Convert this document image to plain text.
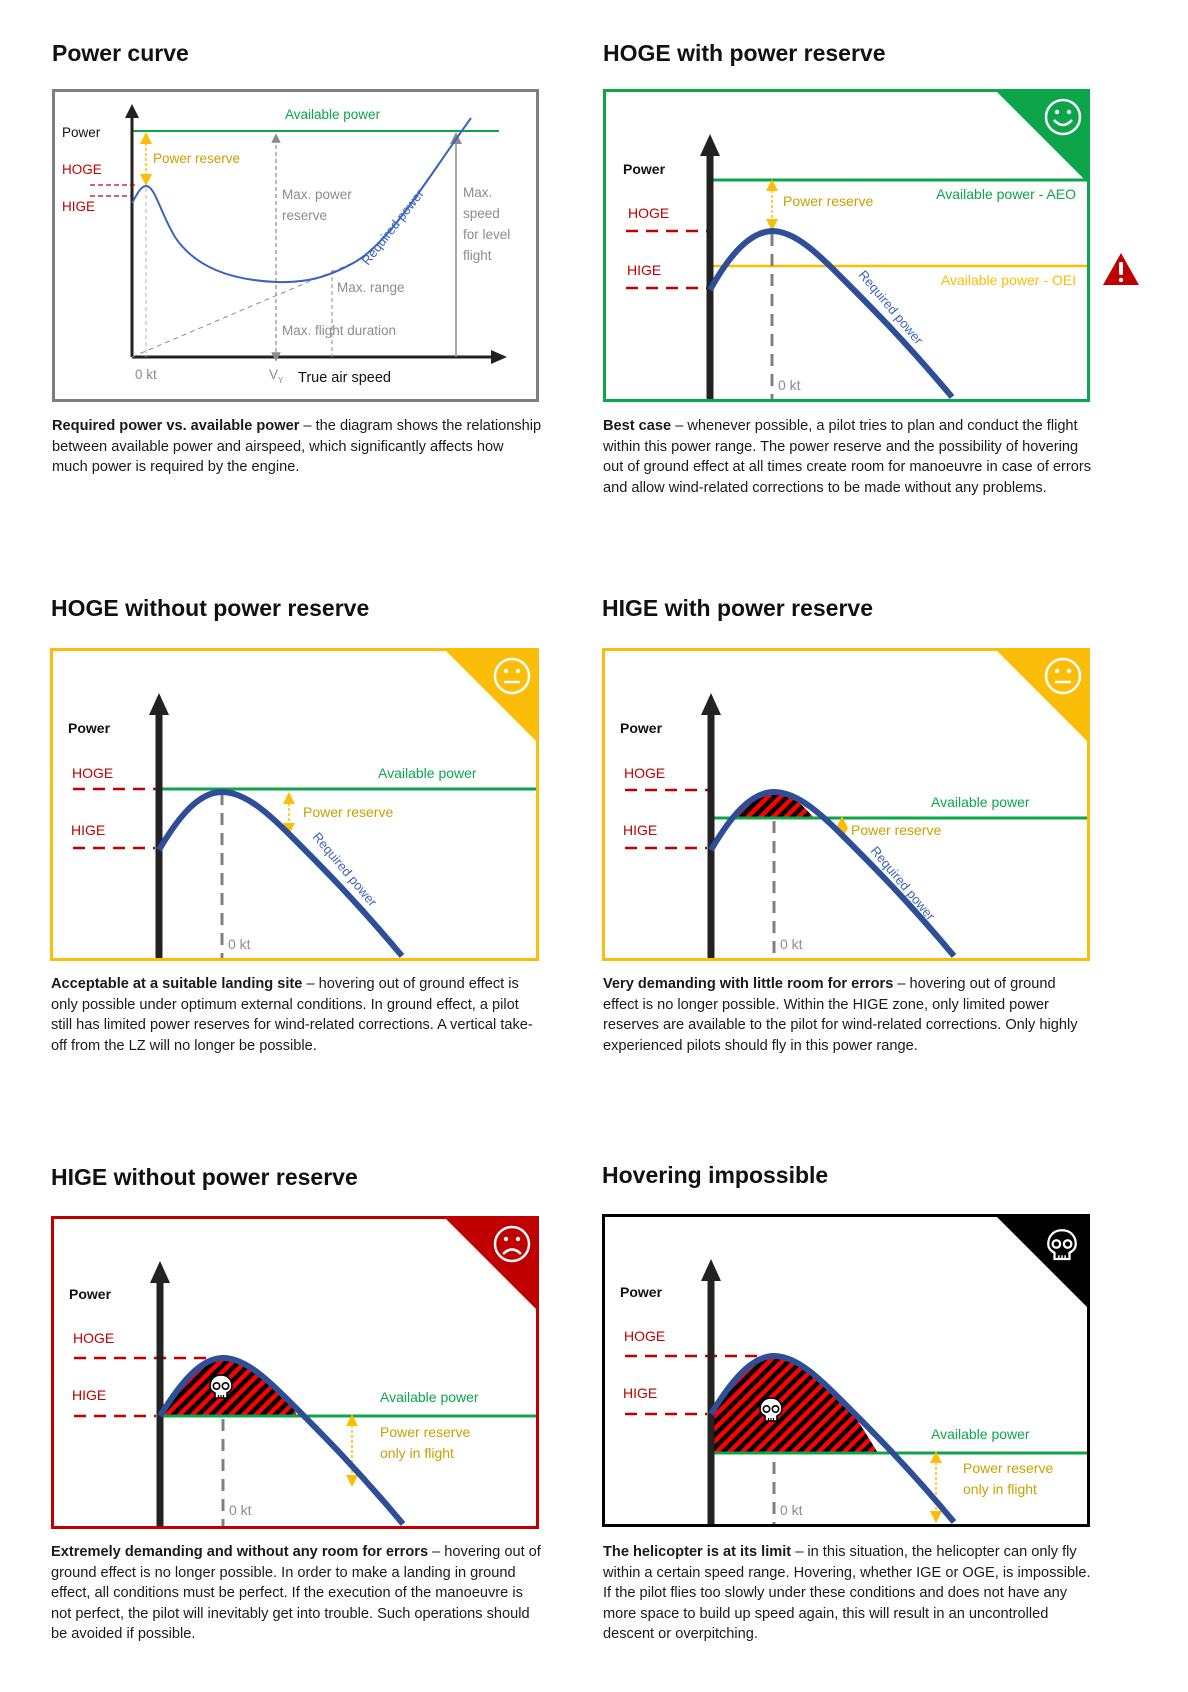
Power curve
Available power
Power
Power reserve
HOGE
HIGE
Max. power
reserve
Max.
speed
for level
flight
Max. range
Max. flight duration
0 kt	V Y True air speed
Required power
Required power vs. available power – the diagram shows the relationship between available power and airspeed, which significantly affects how much power is required by the engine.
HOGE with power reserve
Power
HOGE
HIGE
Power reserve	Available power - AEO
Available power - OEI
Required power
0 kt
Best case – whenever possible, a pilot tries to plan and conduct the flight within this power range. The power reserve and the possibility of hovering out of ground effect at all times create room for manoeuvre in case of errors and allow wind-related corrections to be made without any problems.
HOGE without power reserve
Power
HOGE
HIGE
Available power
Power reserve
Required power
0 kt
Acceptable at a suitable landing site – hovering out of ground effect is only possible under optimum external conditions. In ground effect, a pilot still has limited power reserves for wind-related corrections. A vertical take-off from the LZ will no longer be possible.
HIGE with power reserve
Power
HOGE
HIGE
Available power
Power reserve
Required power
0 kt
Very demanding with little room for errors – hovering out of ground effect is no longer possible. Within the HIGE zone, only limited power reserves are available to the pilot for wind-related corrections. Only highly experienced pilots should fly in this power range.
HIGE without power reserve
Power
HOGE
HIGE	Available power
Power reserve
only in flight
0 kt
Extremely demanding and without any room for errors – hovering out of ground effect is no longer possible. In order to make a landing in ground effect, all conditions must be perfect. If the execution of the manoeuvre is not perfect, the pilot will inevitably get into trouble. Such operations should be avoided if possible.
Hovering impossible
Power
HOGE
HIGE
Available power
Power reserve
only in flight
0 kt
The helicopter is at its limit – in this situation, the helicopter can only fly within a certain speed range. Hovering, whether IGE or OGE, is impossible. If the pilot flies too slowly under these conditions and does not have any more space to build up speed again, this will result in an uncontrolled descent or overpitching.
